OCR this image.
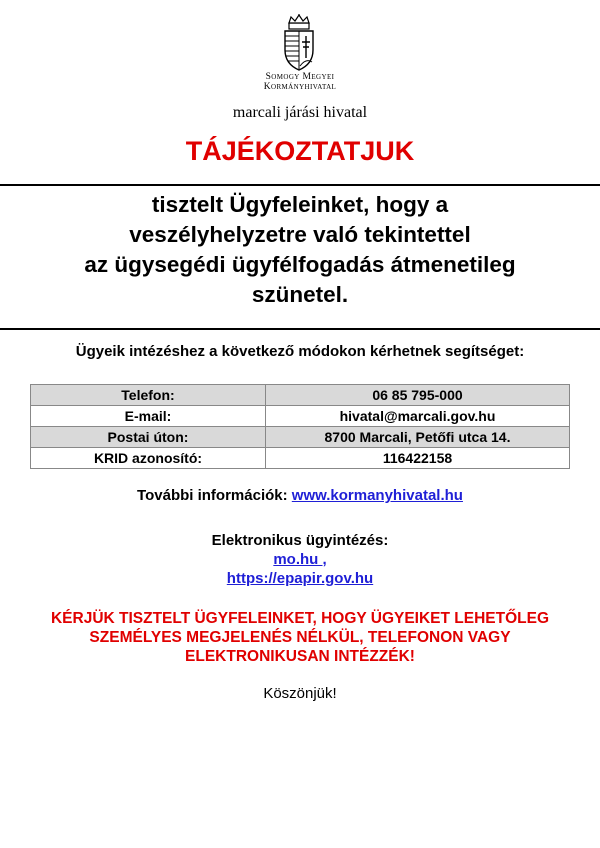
Somogy Megyei
Kormányhivatal
marcali járási hivatal
TÁJÉKOZTATJUK
tisztelt Ügyfeleinket, hogy a
veszélyhelyzetre való tekintettel
az ügysegédi ügyfélfogadás átmenetileg
szünetel.
Ügyeik intézéshez a következő módokon kérhetnek segítséget:
Telefon:	06 85 795-000
E-mail:	hivatal@marcali.gov.hu
Postai úton:	8700 Marcali, Petőfi utca 14.
KRID azonosító:	116422158
További információk: www.kormanyhivatal.hu
Elektronikus ügyintézés:
mo.hu ,
https://epapir.gov.hu
KÉRJÜK TISZTELT ÜGYFELEINKET, HOGY ÜGYEIKET LEHETŐLEG
SZEMÉLYES MEGJELENÉS NÉLKÜL, TELEFONON VAGY
ELEKTRONIKUSAN INTÉZZÉK!
Köszönjük!
